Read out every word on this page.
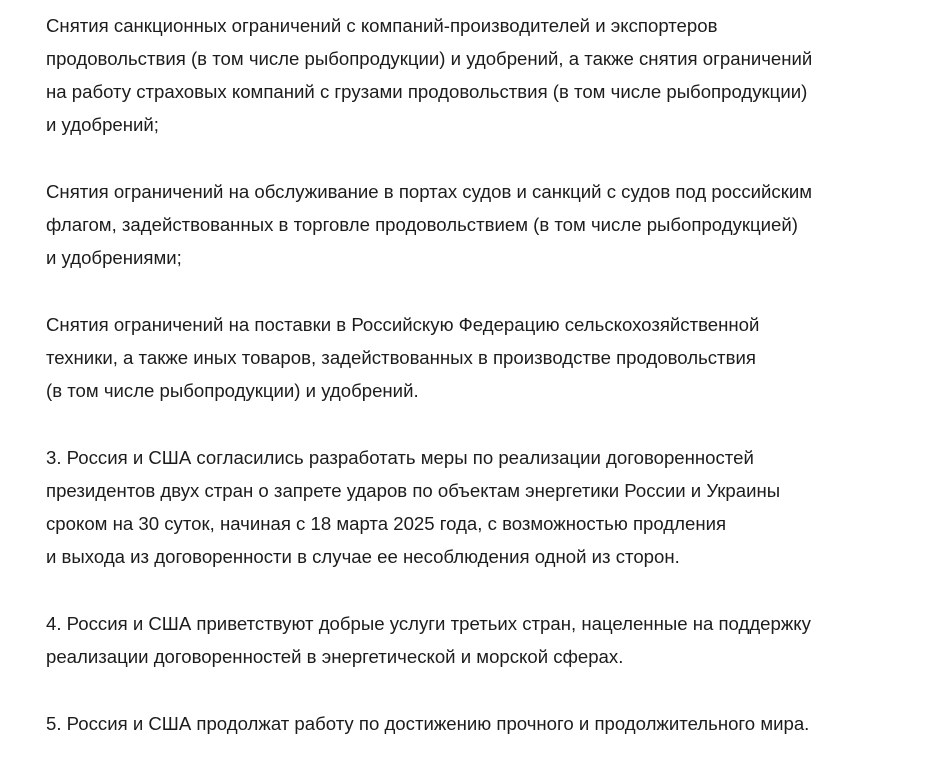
Снятия санкционных ограничений с компаний-производителей и экспортеров
продовольствия (в том числе рыбопродукции) и удобрений, а также снятия ограничений
на работу страховых компаний с грузами продовольствия (в том числе рыбопродукции)
и удобрений;

Снятия ограничений на обслуживание в портах судов и санкций с судов под российским
флагом, задействованных в торговле продовольствием (в том числе рыбопродукцией)
и удобрениями;

Снятия ограничений на поставки в Российскую Федерацию сельскохозяйственной
техники, а также иных товаров, задействованных в производстве продовольствия
(в том числе рыбопродукции) и удобрений.

3. Россия и США согласились разработать меры по реализации договоренностей
президентов двух стран о запрете ударов по объектам энергетики России и Украины
сроком на 30 суток, начиная с 18 марта 2025 года, с возможностью продления
и выхода из договоренности в случае ее несоблюдения одной из сторон.

4. Россия и США приветствуют добрые услуги третьих стран, нацеленные на поддержку
реализации договоренностей в энергетической и морской сферах.

5. Россия и США продолжат работу по достижению прочного и продолжительного мира.
